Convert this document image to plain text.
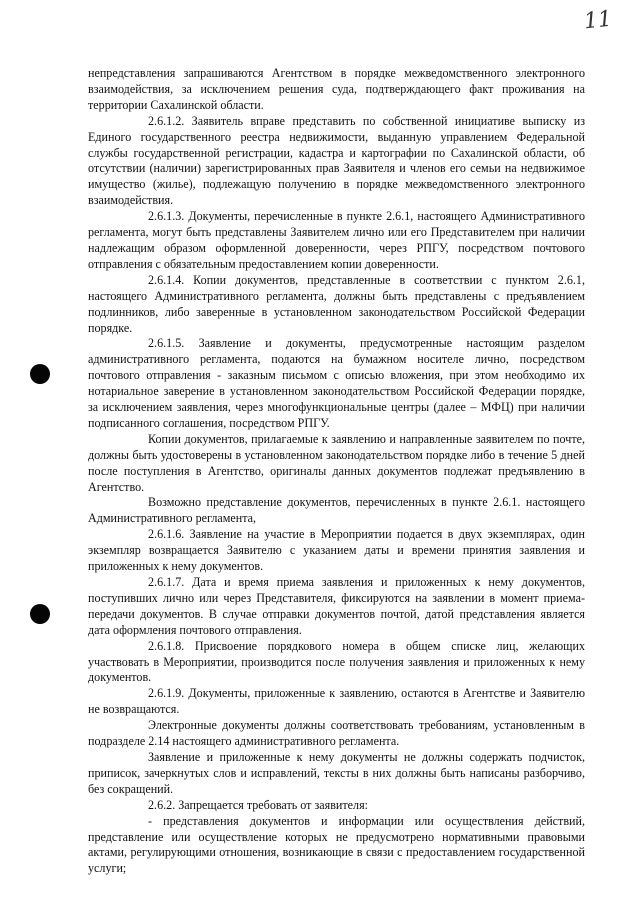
11

непредставления запрашиваются Агентством в порядке межведомственного электронного взаимодействия, за исключением решения суда, подтверждающего факт проживания на территории Сахалинской области.

2.6.1.2. Заявитель вправе представить по собственной инициативе выписку из Единого государственного реестра недвижимости, выданную управлением Федеральной службы государственной регистрации, кадастра и картографии по Сахалинской области, об отсутствии (наличии) зарегистрированных прав Заявителя и членов его семьи на недвижимое имущество (жилье), подлежащую получению в порядке межведомственного электронного взаимодействия.

2.6.1.3. Документы, перечисленные в пункте 2.6.1, настоящего Административного регламента, могут быть представлены Заявителем лично или его Представителем при наличии надлежащим образом оформленной доверенности, через РПГУ, посредством почтового отправления с обязательным предоставлением копии доверенности.

2.6.1.4. Копии документов, представленные в соответствии с пунктом 2.6.1, настоящего Административного регламента, должны быть представлены с предъявлением подлинников, либо заверенные в установленном законодательством Российской Федерации порядке.

2.6.1.5. Заявление и документы, предусмотренные настоящим разделом административного регламента, подаются на бумажном носителе лично, посредством почтового отправления - заказным письмом с описью вложения, при этом необходимо их нотариальное заверение в установленном законодательством Российской Федерации порядке, за исключением заявления, через многофункциональные центры (далее – МФЦ) при наличии подписанного соглашения, посредством РПГУ.

Копии документов, прилагаемые к заявлению и направленные заявителем по почте, должны быть удостоверены в установленном законодательством порядке либо в течение 5 дней после поступления в Агентство, оригиналы данных документов подлежат предъявлению в Агентство.

Возможно представление документов, перечисленных в пункте 2.6.1. настоящего Административного регламента,

2.6.1.6. Заявление на участие в Мероприятии подается в двух экземплярах, один экземпляр возвращается Заявителю с указанием даты и времени принятия заявления и приложенных к нему документов.

2.6.1.7. Дата и время приема заявления и приложенных к нему документов, поступивших лично или через Представителя, фиксируются на заявлении в момент приема-передачи документов. В случае отправки документов почтой, датой представления является дата оформления почтового отправления.

2.6.1.8. Присвоение порядкового номера в общем списке лиц, желающих участвовать в Мероприятии, производится после получения заявления и приложенных к нему документов.

2.6.1.9. Документы, приложенные к заявлению, остаются в Агентстве и Заявителю не возвращаются.

Электронные документы должны соответствовать требованиям, установленным в подразделе 2.14 настоящего административного регламента.

Заявление и приложенные к нему документы не должны содержать подчисток, приписок, зачеркнутых слов и исправлений, тексты в них должны быть написаны разборчиво, без сокращений.

2.6.2. Запрещается требовать от заявителя:

- представления документов и информации или осуществления действий, представление или осуществление которых не предусмотрено нормативными правовыми актами, регулирующими отношения, возникающие в связи с предоставлением государственной услуги;
